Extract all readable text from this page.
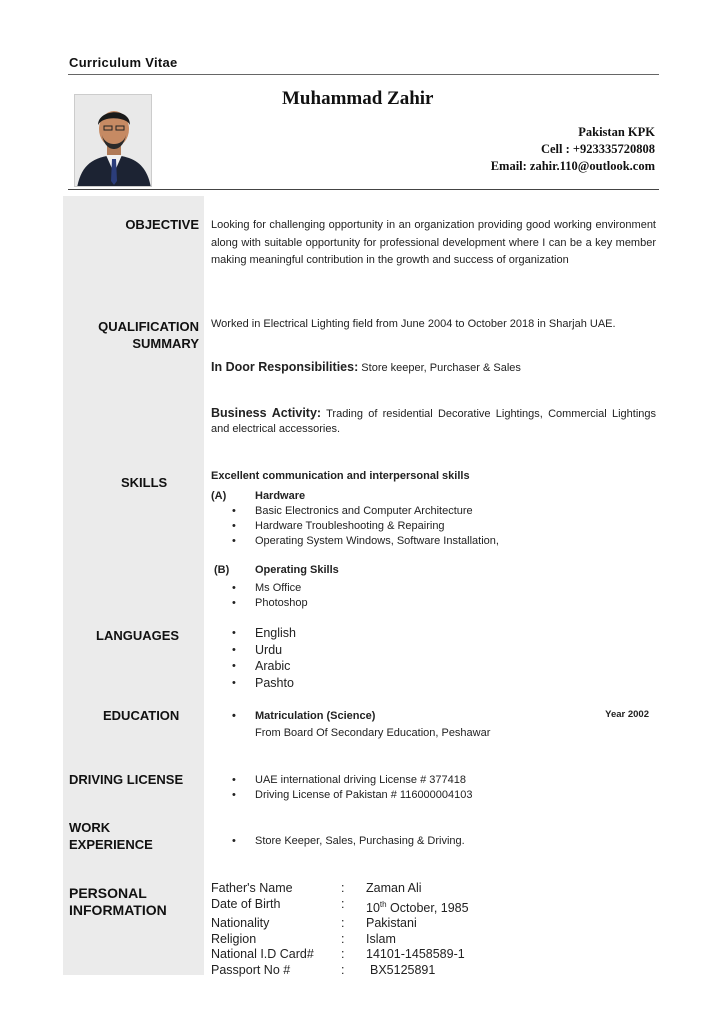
Curriculum Vitae
Muhammad Zahir
Pakistan KPK
Cell : +923335720808
Email: zahir.110@outlook.com
OBJECTIVE Looking for challenging opportunity in an organization providing good working environment along with suitable opportunity for professional development where I can be a key member making meaningful contribution in the growth and success of organization
QUALIFICATION
SUMMARY
Worked in Electrical Lighting field from June 2004 to October 2018 in Sharjah UAE.
In Door Responsibilities: Store keeper, Purchaser & Sales
Business Activity: Trading of residential Decorative Lightings, Commercial Lightings and electrical accessories.
SKILLS	Excellent communication and interpersonal skills
(A)	Hardware
• Basic Electronics and Computer Architecture
• Hardware Troubleshooting & Repairing
• Operating System Windows, Software Installation,
(B) Operating Skills
• Ms Office
• Photoshop
LANGUAGES	• English
• Urdu
• Arabic
• Pashto
EDUCATION	• Matriculation (Science)
From Board Of Secondary Education, Peshawar
Year 2002
DRIVING LICENSE	• UAE international driving License # 377418
• Driving License of Pakistan # 116000004103
WORK
EXPERIENCE	• Store Keeper, Sales, Purchasing & Driving.
PERSONAL
INFORMATION
Father's Name	:	Zaman Ali
Date of Birth	:	10th October, 1985
Nationality	:	Pakistani
Religion	:	Islam
National I.D Card#	:	14101-1458589-1
Passport No #	:	BX5125891
